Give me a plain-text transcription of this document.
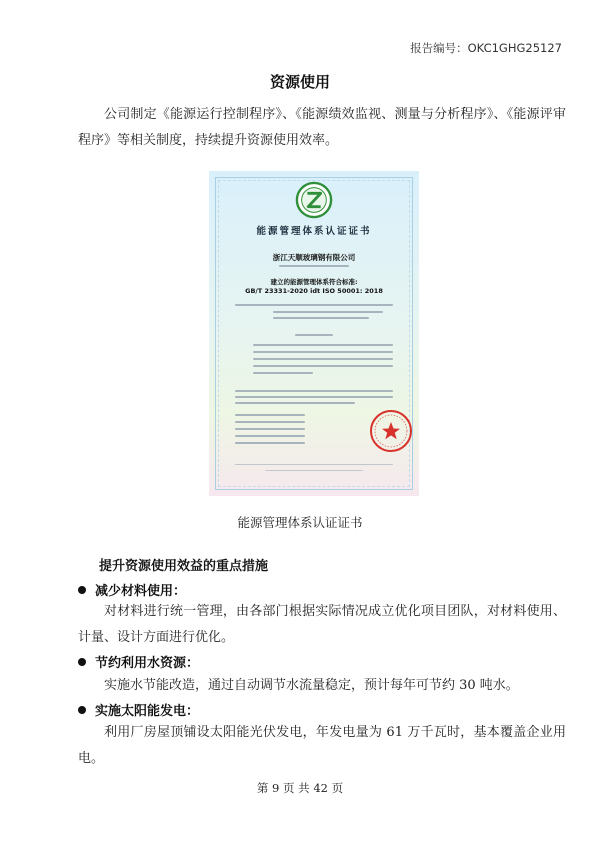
报告编号：OKC1GHG25127
资源使用

公司制定《能源运行控制程序》、《能源绩效监视、测量与分析程序》、《能源评审程序》等相关制度，持续提升资源使用效率。

能源管理体系认证证书
浙江天顺玻璃钢有限公司
建立的能源管理体系符合标准:
GB/T 23331-2020 idt ISO 50001: 2018
能源管理体系认证证书
提升资源使用效益的重点措施
减少材料使用：

对材料进行统一管理，由各部门根据实际情况成立优化项目团队，对材料使用、计量、设计方面进行优化。

节约利用水资源：

实施水节能改造，通过自动调节水流量稳定，预计每年可节约 30 吨水。

实施太阳能发电：

利用厂房屋顶铺设太阳能光伏发电，年发电量为 61 万千瓦时，基本覆盖企业用电。

第 9 页 共 42 页
